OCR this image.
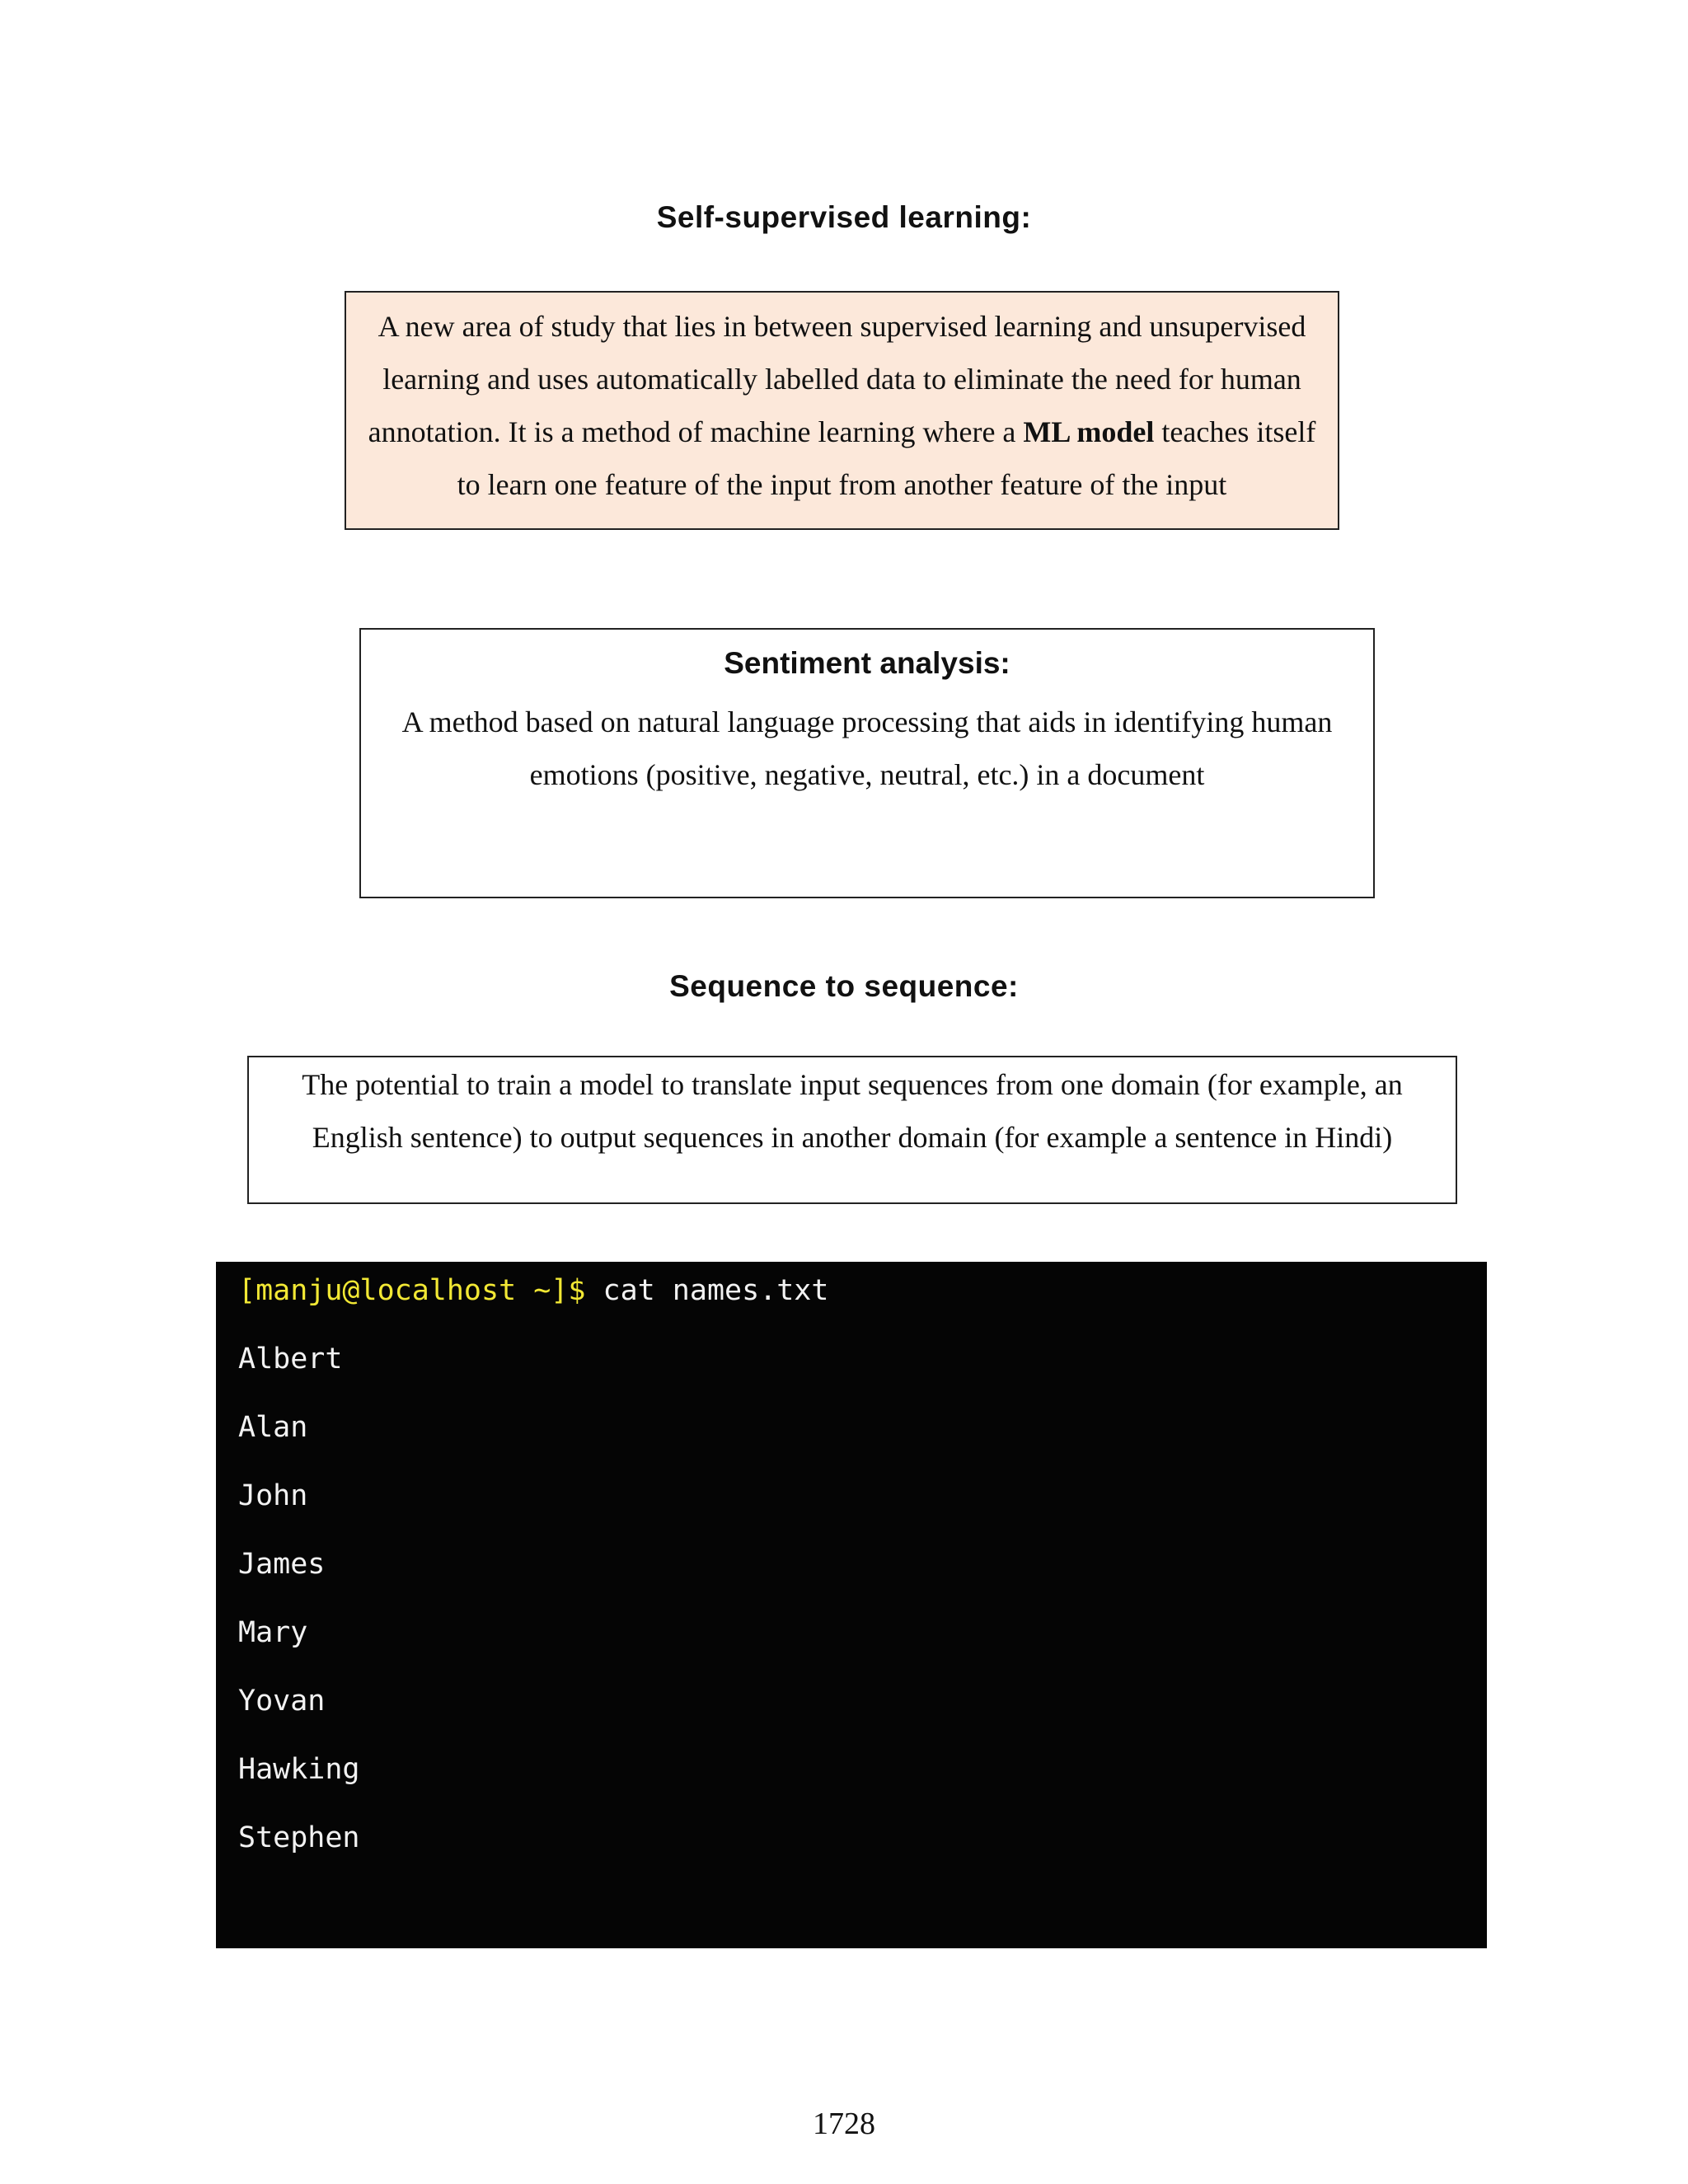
Self-supervised learning:

A new area of study that lies in between supervised learning and unsupervised learning and uses automatically labelled data to eliminate the need for human annotation. It is a method of machine learning where a ML model teaches itself to learn one feature of the input from another feature of the input

Sentiment analysis:

A method based on natural language processing that aids in identifying human emotions (positive, negative, neutral, etc.) in a document

Sequence to sequence:

The potential to train a model to translate input sequences from one domain (for example, an English sentence) to output sequences in another domain (for example a sentence in Hindi)

[manju@localhost ~]$ cat names.txt
Albert
Alan
John
James
Mary
Yovan
Hawking
Stephen

1728
